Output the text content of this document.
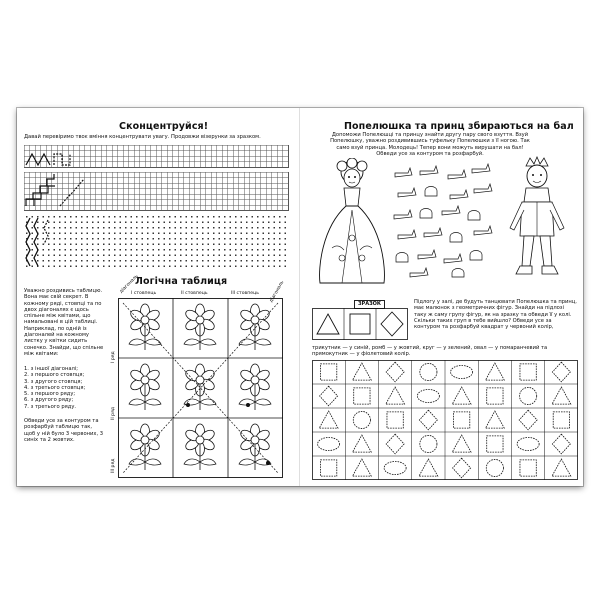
Сконцентруйся!
Давай перевіримо твоє вміння концентрувати увагу. Продовжи візерунки за зразком.
Логічна таблиця
Уважно роздивись таблицю. Вона має свій секрет. В кожному ряді, стовпці та по двох діагоналях є щось спільне між квітами, що намальовані в цій таблиці. Наприклад, по одній із діагоналей на кожному листку у квітки сидить сонечко. Знайди, що спільне між квітами:
1. з іншої діагоналі;
2. з першого стовпця;
3. з другого стовпця;
4. з третього стовпця;
5. з першого ряду;
6. з другого ряду;
7. з третього ряду.
Обведи усе за контуром та розфарбуй таблицю так, щоб у ній було 3 червоних, 3 синіх та 2 жовтих.
I стовпець	II стовпець	III стовпець
I ряд
II ряд
III ряд
діагональ	діагональ
Попелюшка та принц збираються на бал
Допоможи Попелюшці та принцу знайти другу пару свого взуття. Взуй Попелюшку, уважно роздивившись туфельку Попелюшки з її ногою. Так само взуй принца. Молодець! Тепер вони можуть вирушати на бал! Обведи усе за контуром та розфарбуй.
ЗРАЗОК	Підлогу у залі, де будуть танцювати Попелюшка та принц, має малюнок з геометричних фігур. Знайди на підлозі таку ж саму групу фігур, як на зразку та обведи її у колі. Скільки таких груп в тебе вийшло? Обведи усе за контуром та розфарбуй квадрат у червоний колір,
трикутник — у синій, ромб — у жовтий, круг — у зелений, овал — у помаранчевий та прямокутник — у фіолетовий колір.
